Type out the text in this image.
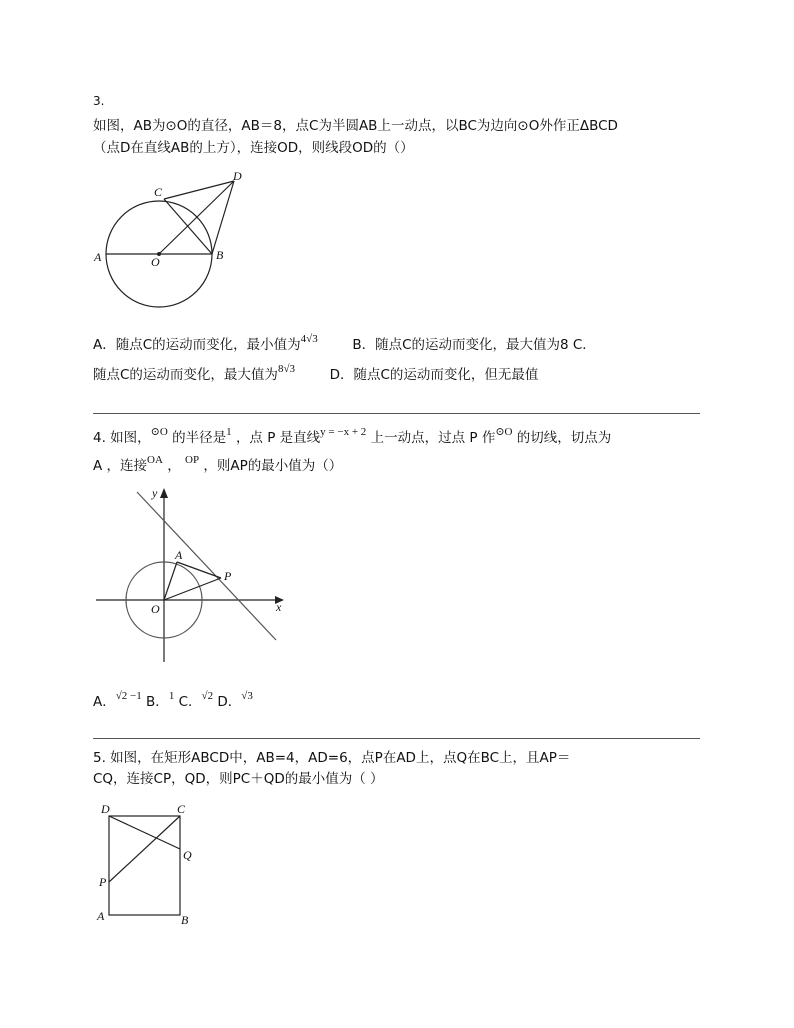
3.
如图，AB为⊙O的直径，AB＝8，点C为半圆AB上一动点，以BC为边向⊙O外作正ΔBCD
（点D在直线AB的上方），连接OD，则线段OD的（）
C
D
A	O	B
A．随点C的运动而变化，最小值为$^{4√3}$	B．随点C的运动而变化，最大值为8 C．
随点C的运动而变化，最大值为$^{8√3}$	D．随点C的运动而变化，但无最值
4. 如图，$^{⊙O}$ 的半径是$^1$ ，点 P 是直线$^{y = -x + 2}$ 上一动点，过点 P 作$^{⊙O}$ 的切线，切点为
A ，连接$^{OA}$ ， $^{OP}$ ，则AP的最小值为（）
y
A
P
O	x
A．$^{√2 -1}$ B．$^1$ C．$^{√2}$ D．$^{√3}$
5. 如图，在矩形ABCD中，AB=4，AD=6，点P在AD上，点Q在BC上，且AP＝
CQ，连接CP，QD，则PC＋QD的最小值为（ ）
D	C
Q
P
A	B
